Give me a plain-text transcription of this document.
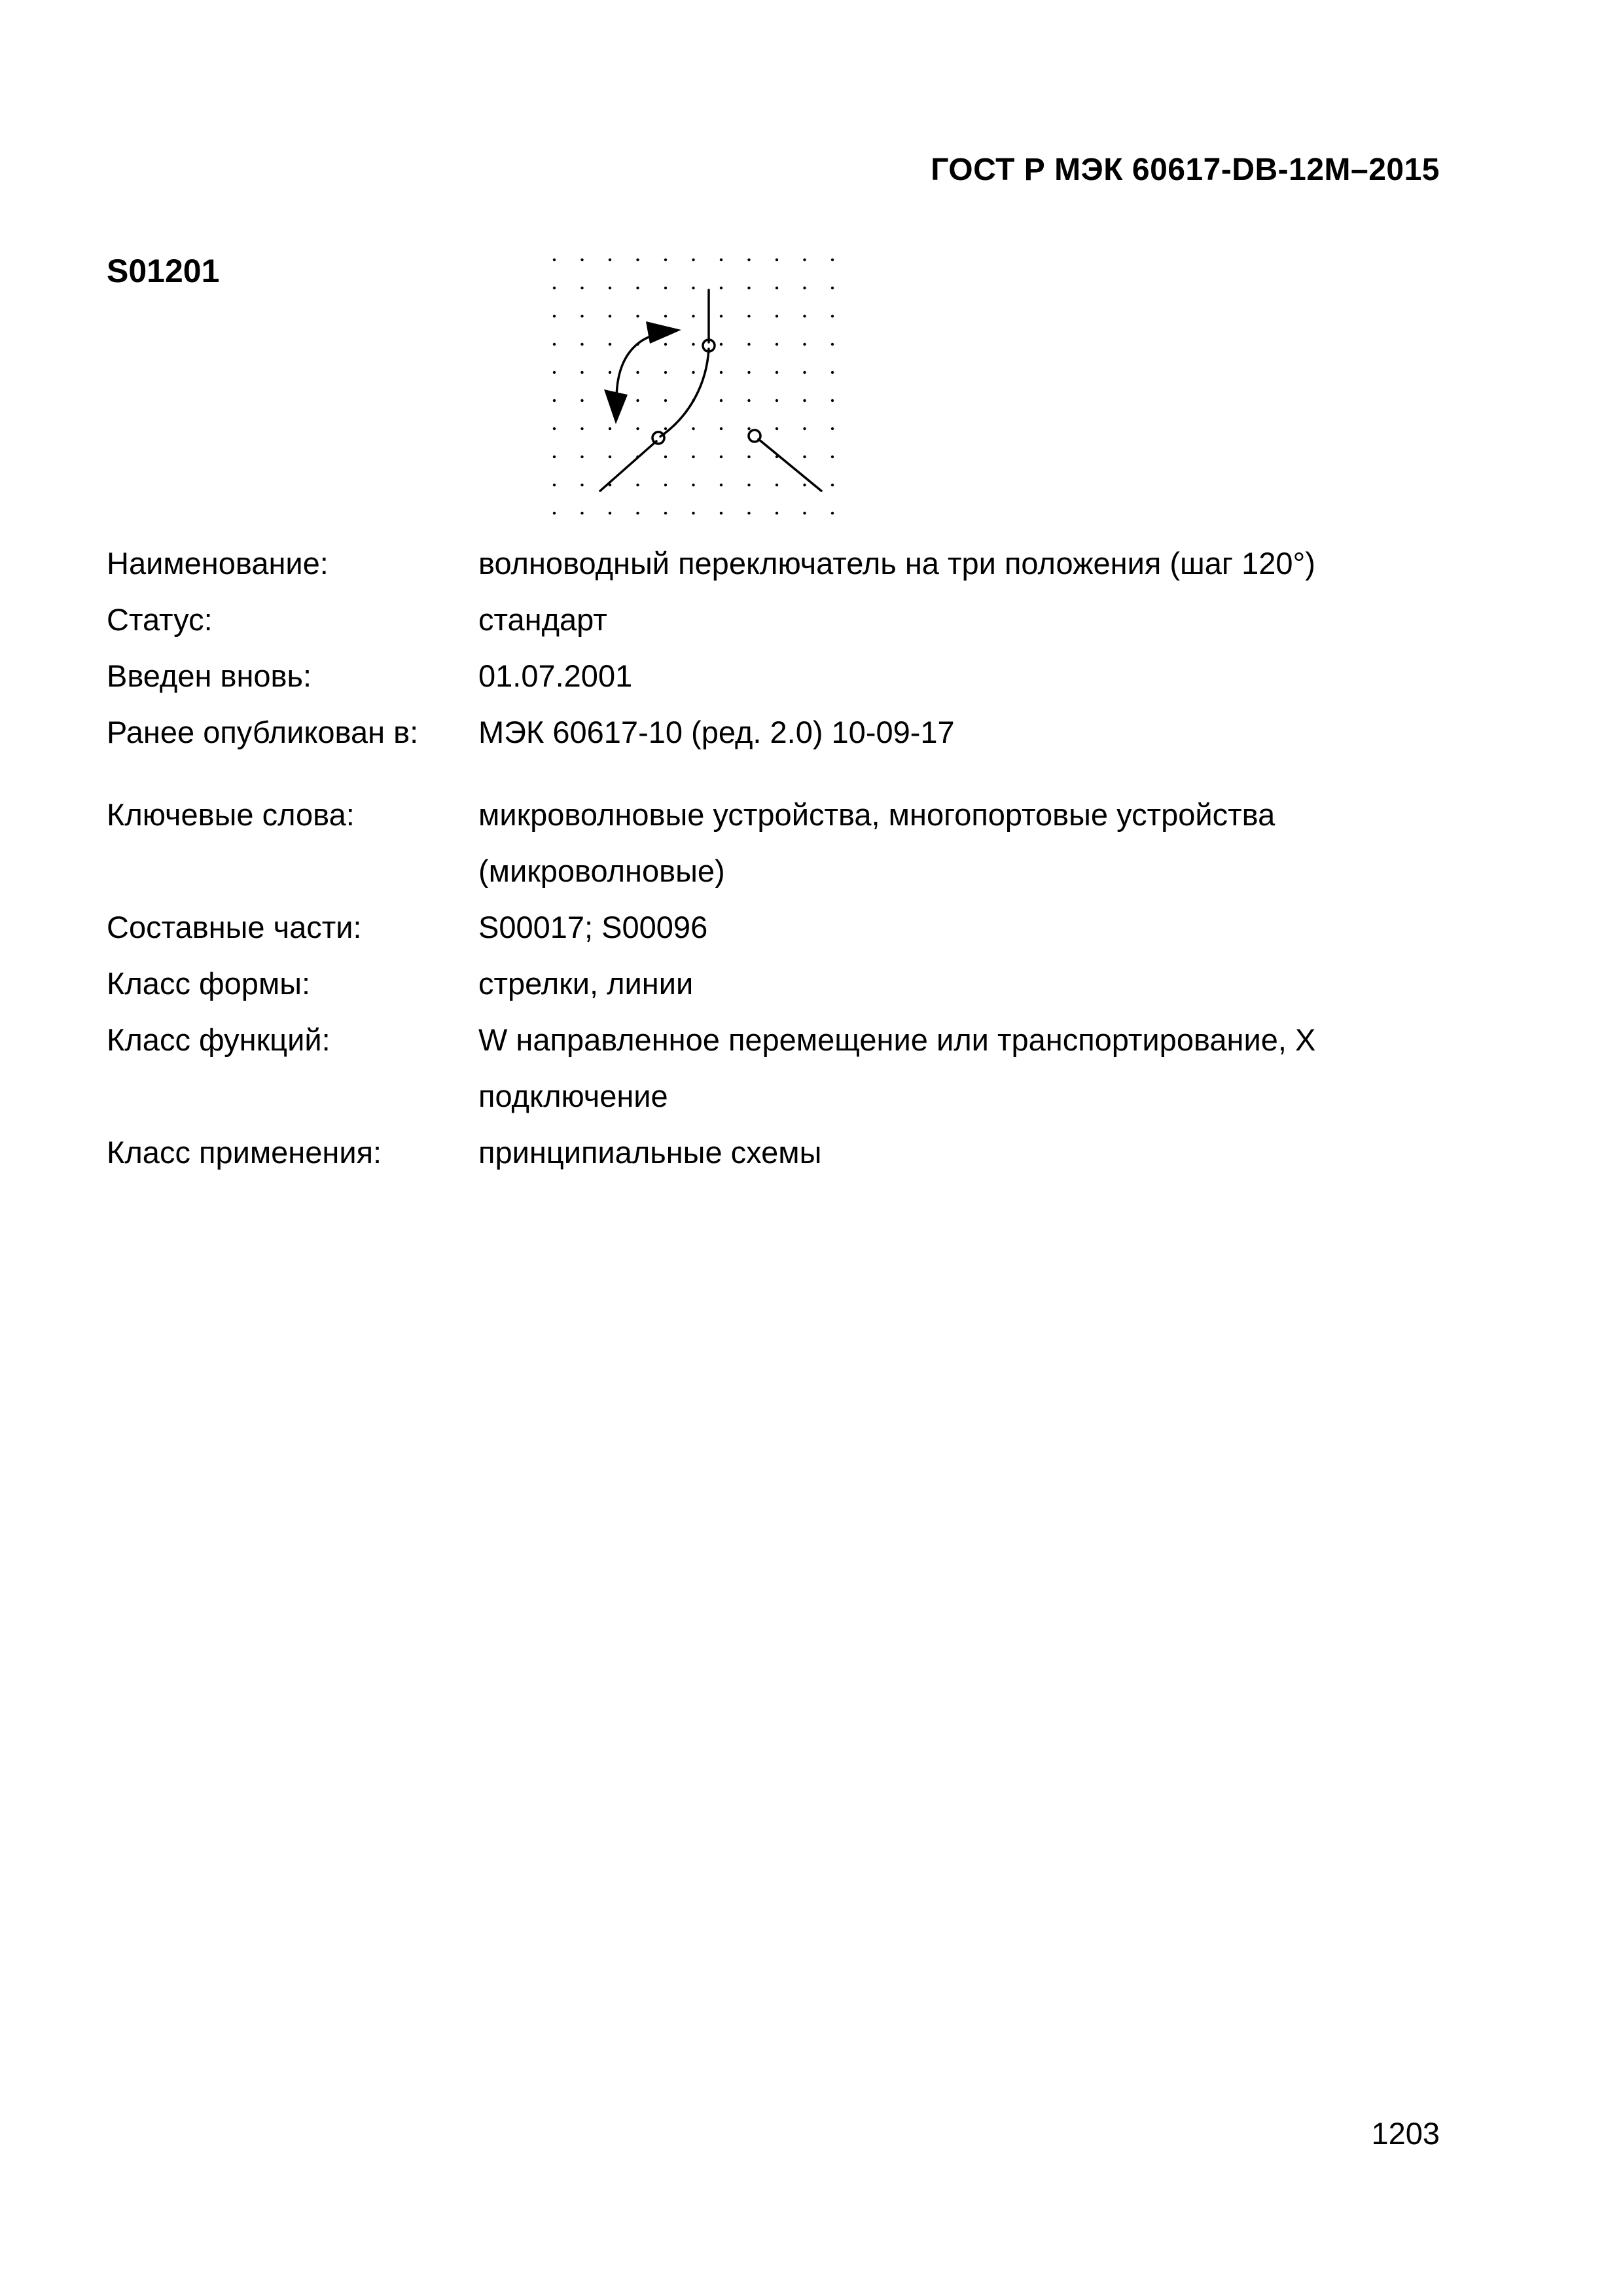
ГОСТ Р МЭК 60617-DB-12M–2015
S01201
Наименование:	волноводный переключатель на три положения (шаг 120°)
Статус:	стандарт
Введен вновь:	01.07.2001
Ранее опубликован в:	МЭК 60617-10 (ред. 2.0) 10-09-17
Ключевые слова:	микроволновые устройства, многопортовые устройства (микроволновые)
Составные части:	S00017; S00096
Класс формы:	стрелки, линии
Класс функций:	W направленное перемещение или транспортирование, X подключение
Класс применения:	принципиальные схемы
1203
